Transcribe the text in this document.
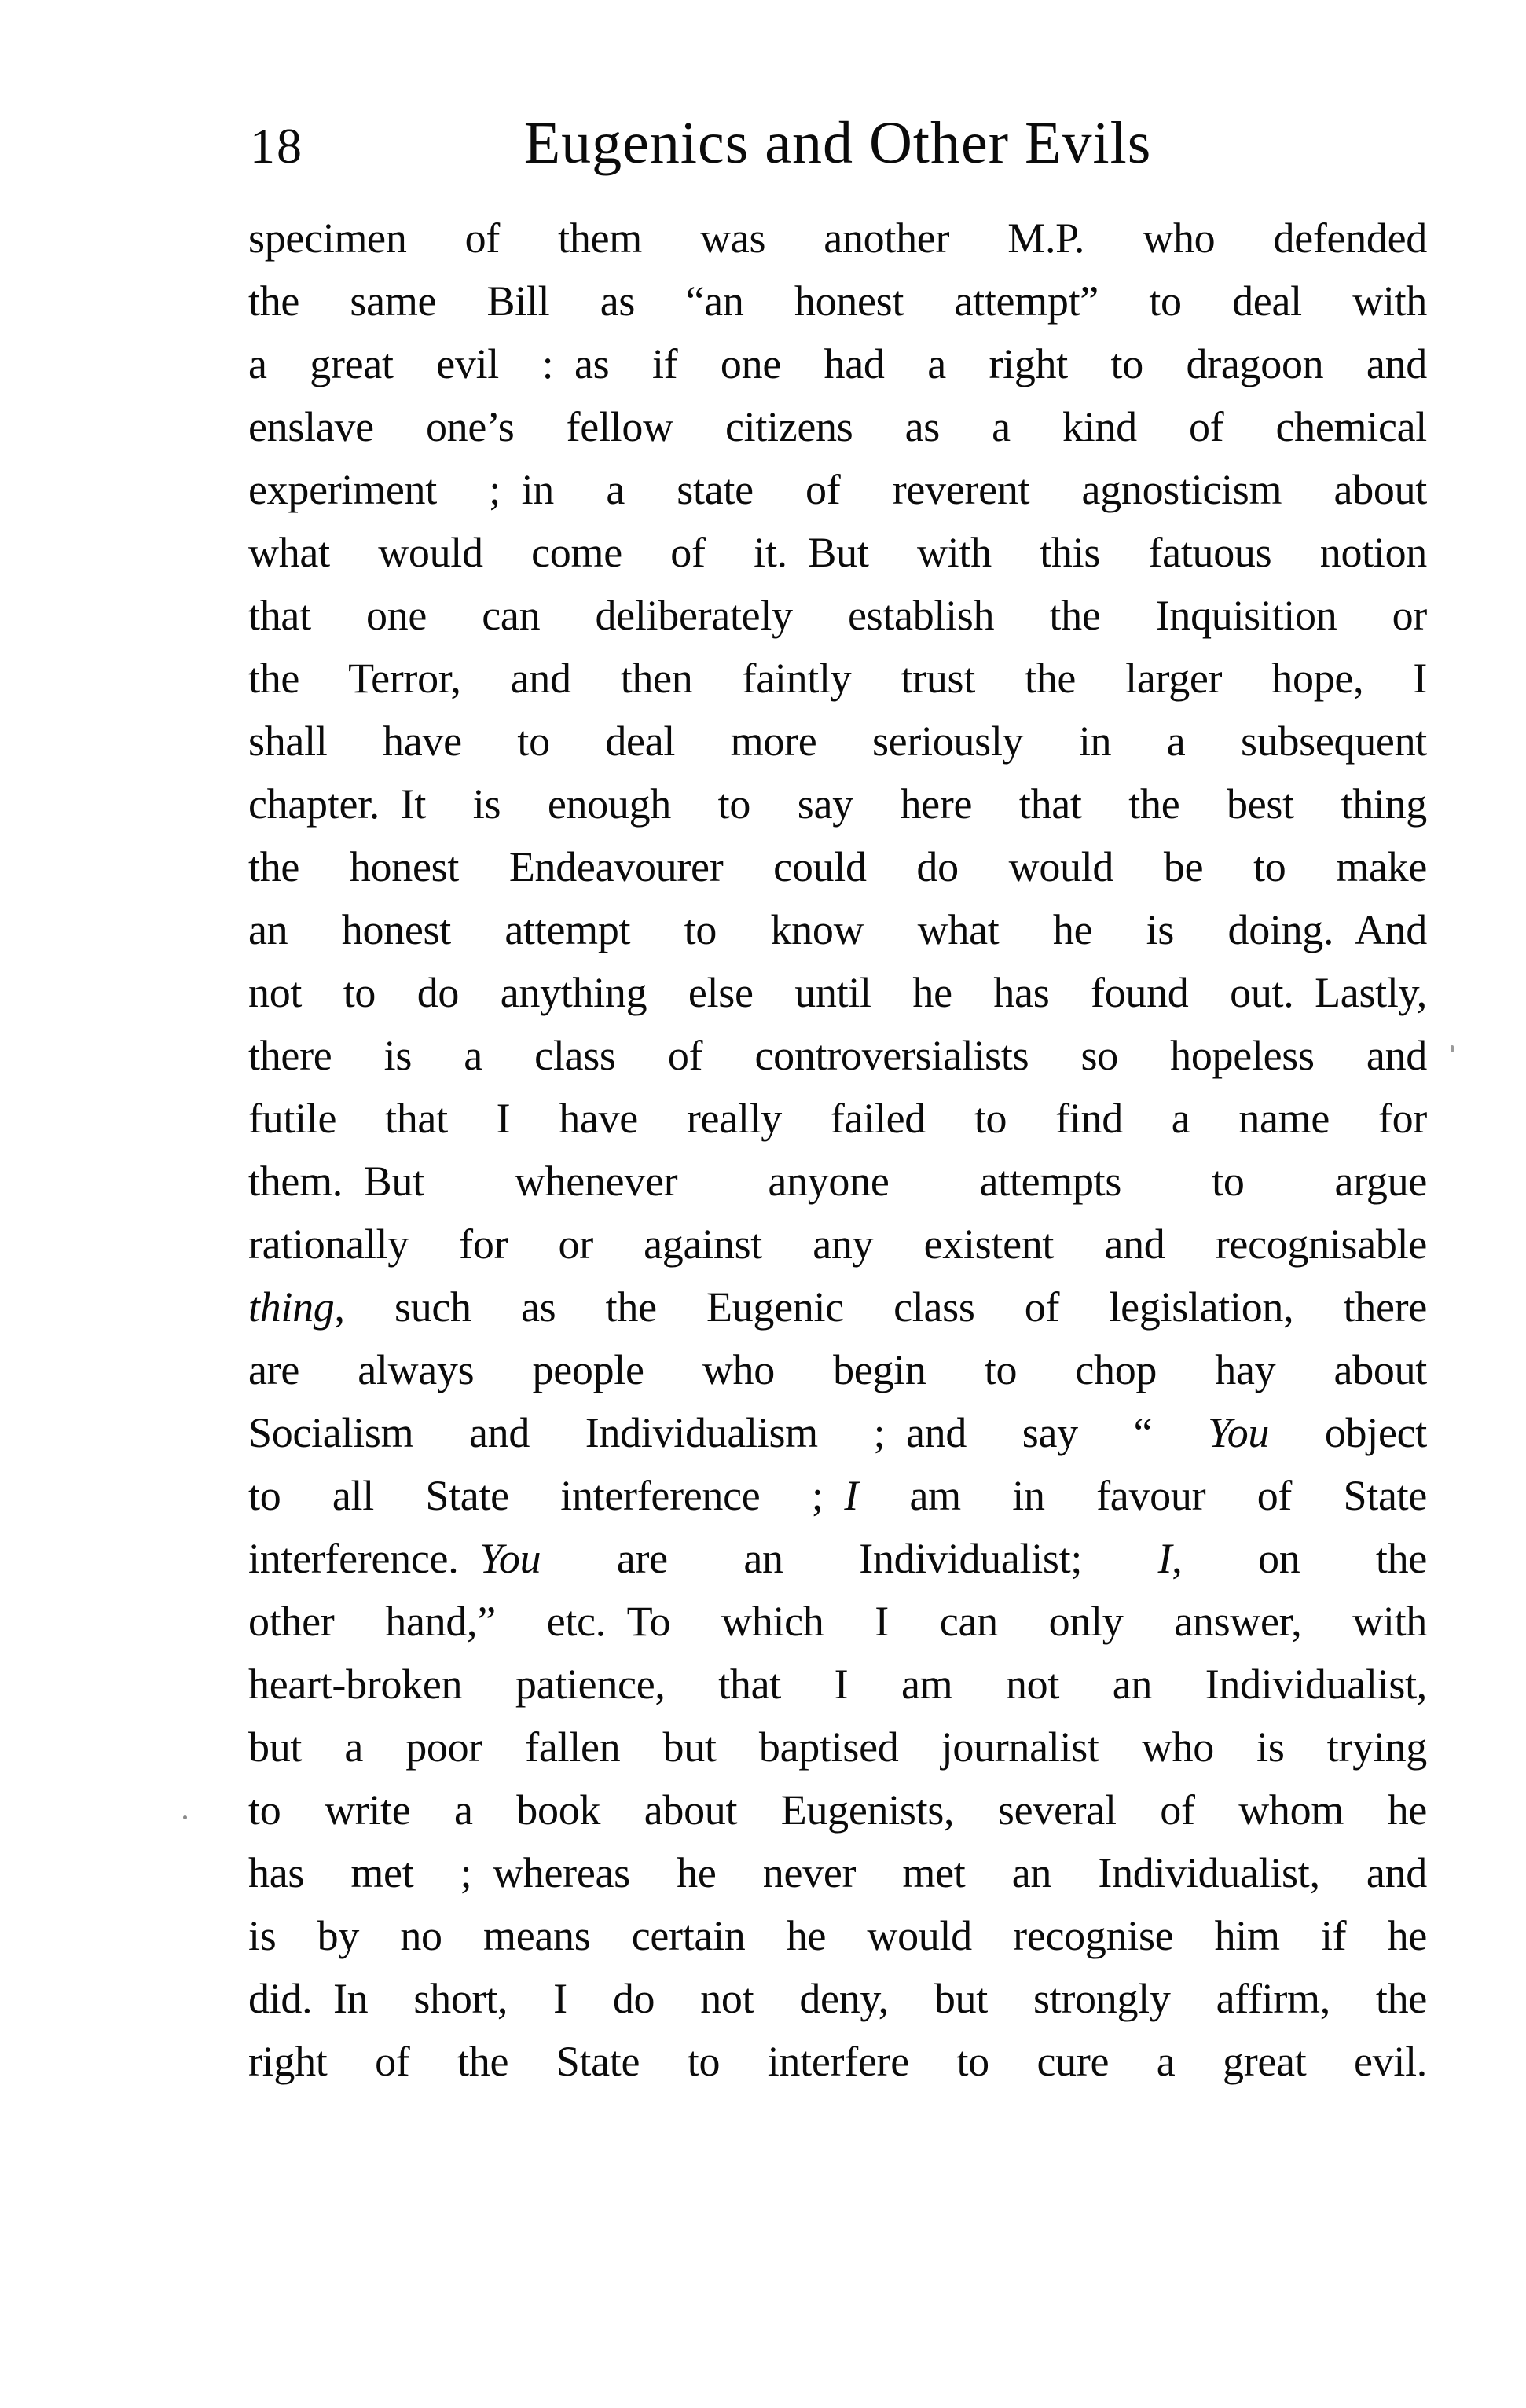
18	Eugenics and Other Evils
specimen of them was another M.P. who defended
the same Bill as “an honest attempt” to deal with
a great evil : as if one had a right to dragoon and
enslave one’s fellow citizens as a kind of chemical
experiment ; in a state of reverent agnosticism about
what would come of it. But with this fatuous notion
that one can deliberately establish the Inquisition or
the Terror, and then faintly trust the larger hope, I
shall have to deal more seriously in a subsequent
chapter. It is enough to say here that the best thing
the honest Endeavourer could do would be to make
an honest attempt to know what he is doing. And
not to do anything else until he has found out. Lastly,
there is a class of controversialists so hopeless and
futile that I have really failed to find a name for
them. But whenever anyone attempts to argue
rationally for or against any existent and recognisable
thing, such as the Eugenic class of legislation, there
are always people who begin to chop hay about
Socialism and Individualism ; and say “ You object
to all State interference ; I am in favour of State
interference. You are an Individualist; I, on the
other hand,” etc. To which I can only answer, with
heart-broken patience, that I am not an Individualist,
but a poor fallen but baptised journalist who is trying
to write a book about Eugenists, several of whom he
has met ; whereas he never met an Individualist, and
is by no means certain he would recognise him if he
did. In short, I do not deny, but strongly affirm, the
right of the State to interfere to cure a great evil.
